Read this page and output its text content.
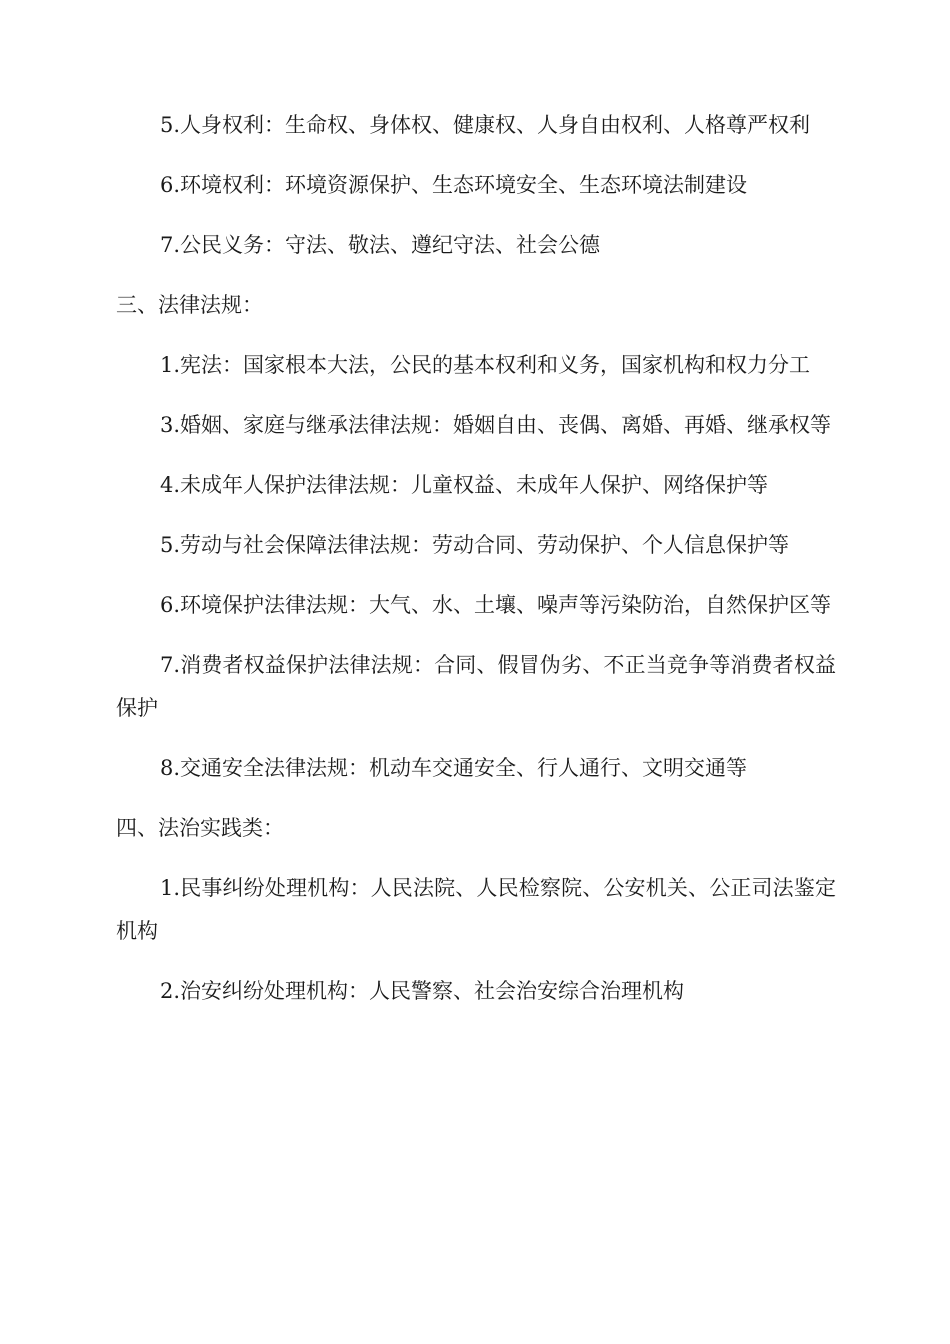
5.人身权利：生命权、身体权、健康权、人身自由权利、人格尊严权利

6.环境权利：环境资源保护、生态环境安全、生态环境法制建设

7.公民义务：守法、敬法、遵纪守法、社会公德

三、法律法规：

1.宪法：国家根本大法，公民的基本权利和义务，国家机构和权力分工

3.婚姻、家庭与继承法律法规：婚姻自由、丧偶、离婚、再婚、继承权等

4.未成年人保护法律法规：儿童权益、未成年人保护、网络保护等

5.劳动与社会保障法律法规：劳动合同、劳动保护、个人信息保护等

6.环境保护法律法规：大气、水、土壤、噪声等污染防治，自然保护区等

7.消费者权益保护法律法规：合同、假冒伪劣、不正当竞争等消费者权益保护

8.交通安全法律法规：机动车交通安全、行人通行、文明交通等

四、法治实践类：

1.民事纠纷处理机构：人民法院、人民检察院、公安机关、公正司法鉴定机构

2.治安纠纷处理机构：人民警察、社会治安综合治理机构
